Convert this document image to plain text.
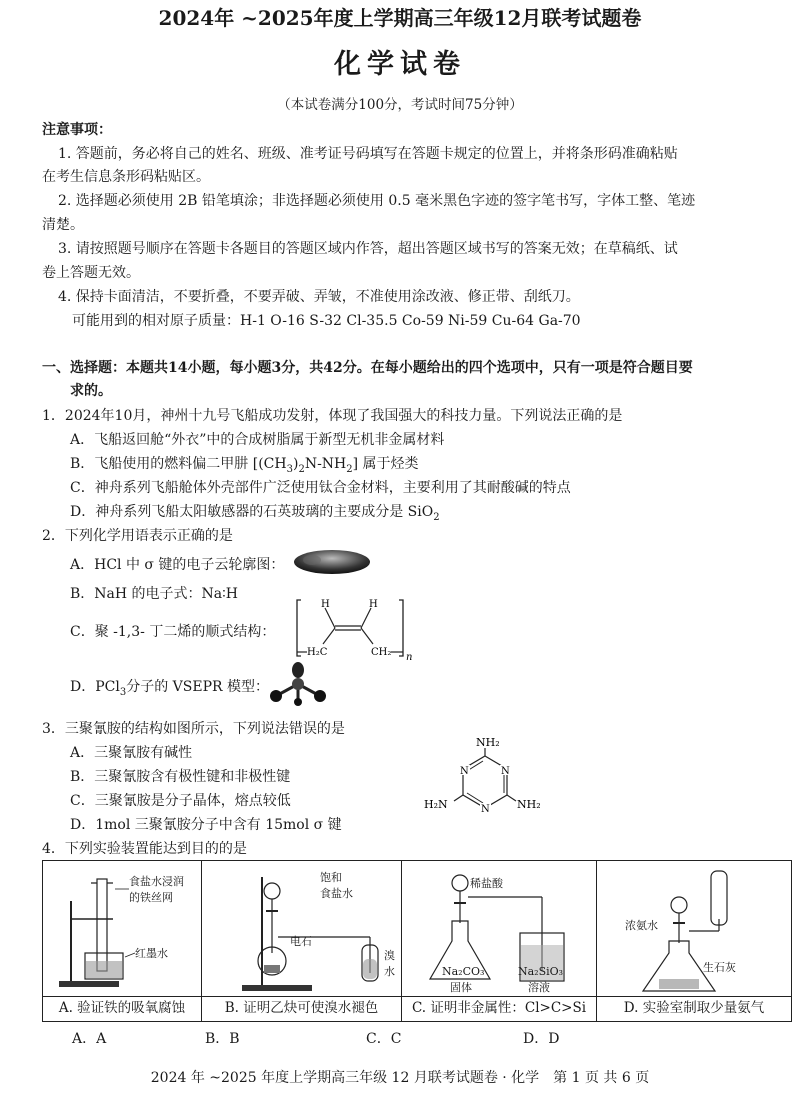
2024年 ~2025年度上学期高三年级12月联考试题卷
化学试卷
（本试卷满分100分，考试时间75分钟）
注意事项：
1. 答题前，务必将自己的姓名、班级、准考证号码填写在答题卡规定的位置上，并将条形码准确粘贴
在考生信息条形码粘贴区。
2. 选择题必须使用 2B 铅笔填涂；非选择题必须使用 0.5 毫米黑色字迹的签字笔书写，字体工整、笔迹
清楚。
3. 请按照题号顺序在答题卡各题目的答题区域内作答，超出答题区域书写的答案无效；在草稿纸、试
卷上答题无效。
4. 保持卡面清洁，不要折叠，不要弄破、弄皱，不准使用涂改液、修正带、刮纸刀。
可能用到的相对原子质量：H-1 O-16 S-32 Cl-35.5 Co-59 Ni-59 Cu-64 Ga-70
一、选择题：本题共14小题，每小题3分，共42分。在每小题给出的四个选项中，只有一项是符合题目要
求的。
1．2024年10月，神州十九号飞船成功发射，体现了我国强大的科技力量。下列说法正确的是
A．飞船返回舱“外衣”中的合成树脂属于新型无机非金属材料
B．飞船使用的燃料偏二甲肼 $[(CH_3)_2N-NH_2]$ 属于烃类
C．神舟系列飞船舱体外壳部件广泛使用钛合金材料，主要利用了其耐酸碱的特点
D．神舟系列飞船太阳敏感器的石英玻璃的主要成分是 SiO$_2$
2．下列化学用语表示正确的是
A．HCl 中 σ 键的电子云轮廓图：
B．NaH 的电子式：Na∶H
C．聚 -1,3- 丁二烯的顺式结构：
H	H
H₂C	CH₂ n
D．PCl$_3$分子的 VSEPR 模型：
3．三聚氰胺的结构如图所示，下列说法错误的是
A．三聚氰胺有碱性
B．三聚氰胺含有极性键和非极性键
C．三聚氰胺是分子晶体，熔点较低
D．1mol 三聚氰胺分子中含有 15mol σ 键
NH₂
H₂N	NH₂
N
N
N
4．下列实验装置能达到目的的是
食盐水浸润
的铁丝网
红墨水
A. 验证铁的吸氧腐蚀
饱和
食盐水
电石
溴
水
B. 证明乙炔可使溴水褪色
稀盐酸
Na₂CO₃
固体
Na₂SiO₃
溶液
C. 证明非金属性：Cl>C>Si
浓氨水
生石灰
D. 实验室制取少量氨气
A．A	B．B	C．C	D．D
2024 年 ~2025 年度上学期高三年级 12 月联考试题卷 · 化学　第 1 页 共 6 页
